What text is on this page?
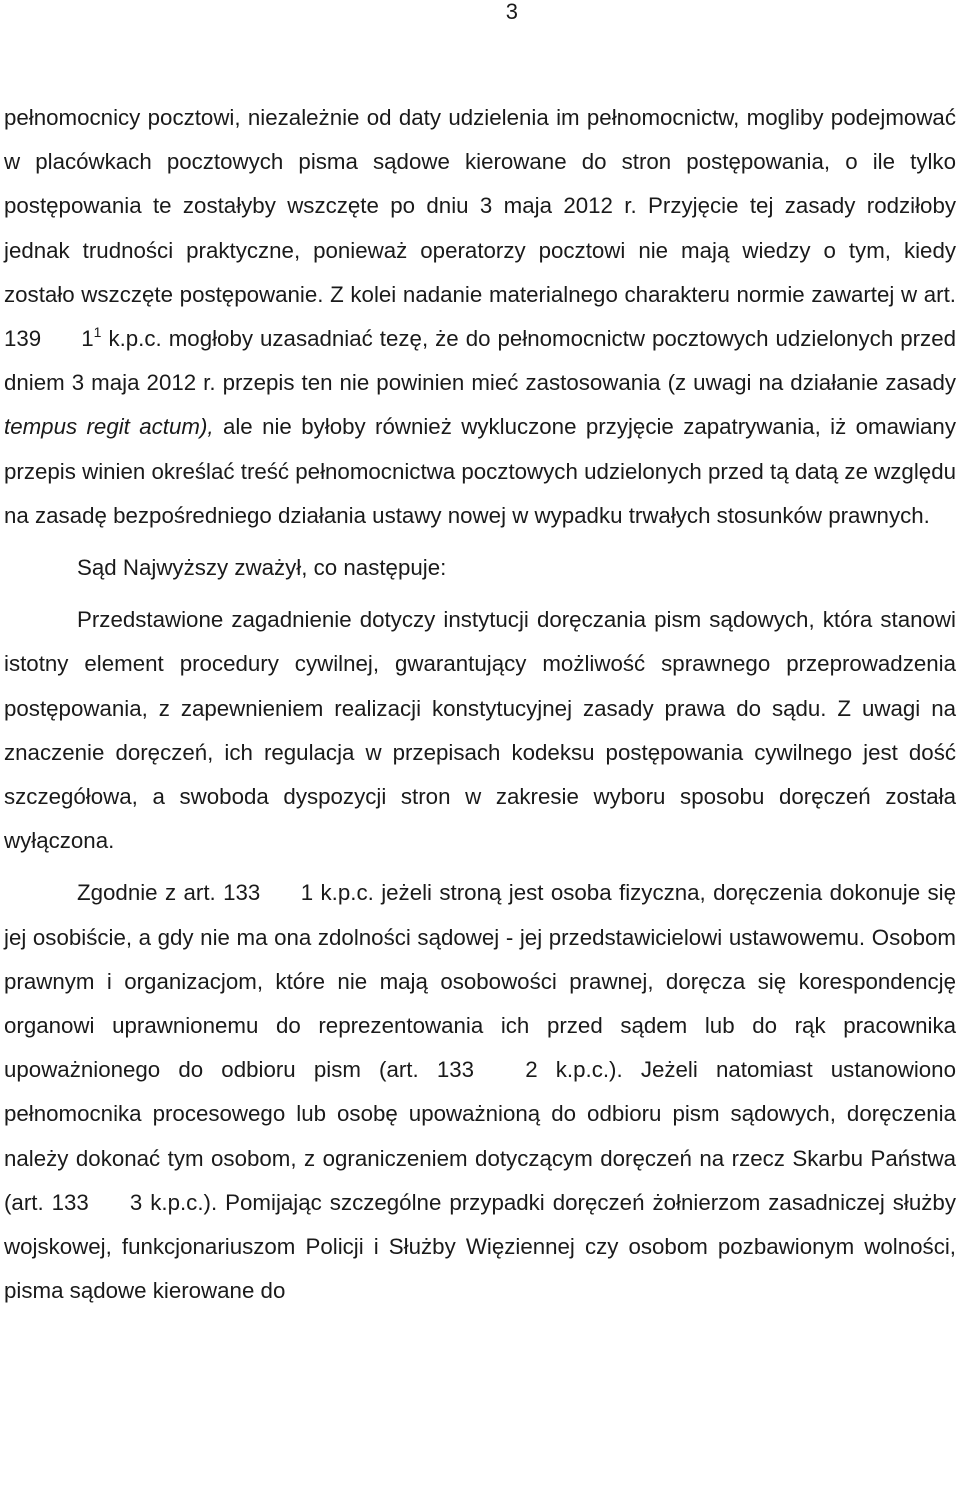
3

pełnomocnicy pocztowi, niezależnie od daty udzielenia im pełnomocnictw, mogliby podejmować w placówkach pocztowych pisma sądowe kierowane do stron postępowania, o ile tylko postępowania te zostałyby wszczęte po dniu 3 maja 2012 r. Przyjęcie tej zasady rodziłoby jednak trudności praktyczne, ponieważ operatorzy pocztowi nie mają wiedzy o tym, kiedy zostało wszczęte postępowanie. Z kolei nadanie materialnego charakteru normie zawartej w art. 139 $1^1$ k.p.c. mogłoby uzasadniać tezę, że do pełnomocnictw pocztowych udzielonych przed dniem 3 maja 2012 r. przepis ten nie powinien mieć zastosowania (z uwagi na działanie zasady tempus regit actum), ale nie byłoby również wykluczone przyjęcie zapatrywania, iż omawiany przepis winien określać treść pełnomocnictwa pocztowych udzielonych przed tą datą ze względu na zasadę bezpośredniego działania ustawy nowej w wypadku trwałych stosunków prawnych.

Sąd Najwyższy zważył, co następuje:

Przedstawione zagadnienie dotyczy instytucji doręczania pism sądowych, która stanowi istotny element procedury cywilnej, gwarantujący możliwość sprawnego przeprowadzenia postępowania, z zapewnieniem realizacji konstytucyjnej zasady prawa do sądu. Z uwagi na znaczenie doręczeń, ich regulacja w przepisach kodeksu postępowania cywilnego jest dość szczegółowa, a swoboda dyspozycji stron w zakresie wyboru sposobu doręczeń została wyłączona.

Zgodnie z art. 133 1 k.p.c. jeżeli stroną jest osoba fizyczna, doręczenia dokonuje się jej osobiście, a gdy nie ma ona zdolności sądowej - jej przedstawicielowi ustawowemu. Osobom prawnym i organizacjom, które nie mają osobowości prawnej, doręcza się korespondencję organowi uprawnionemu do reprezentowania ich przed sądem lub do rąk pracownika upoważnionego do odbioru pism (art. 133 2 k.p.c.). Jeżeli natomiast ustanowiono pełnomocnika procesowego lub osobę upoważnioną do odbioru pism sądowych, doręczenia należy dokonać tym osobom, z ograniczeniem dotyczącym doręczeń na rzecz Skarbu Państwa (art. 133 3 k.p.c.). Pomijając szczególne przypadki doręczeń żołnierzom zasadniczej służby wojskowej, funkcjonariuszom Policji i Służby Więziennej czy osobom pozbawionym wolności, pisma sądowe kierowane do
